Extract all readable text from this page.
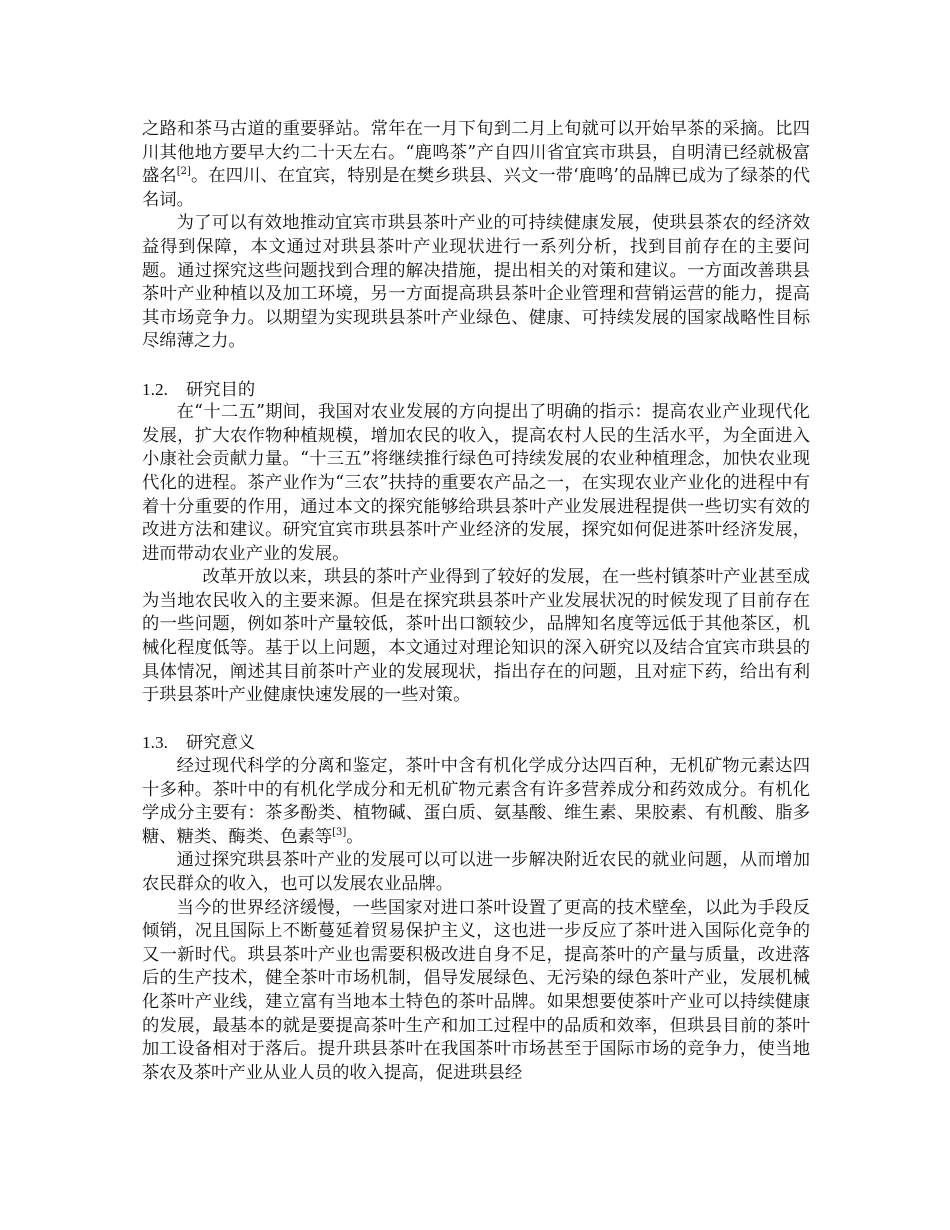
之路和茶马古道的重要驿站。常年在一月下旬到二月上旬就可以开始早茶的采摘。比四川其他地方要早大约二十天左右。“鹿鸣茶”产自四川省宜宾市珙县，自明清已经就极富盛名[2]。在四川、在宜宾，特别是在樊乡珙县、兴文一带‘鹿鸣’的品牌已成为了绿茶的代名词。

为了可以有效地推动宜宾市珙县茶叶产业的可持续健康发展，使珙县茶农的经济效益得到保障，本文通过对珙县茶叶产业现状进行一系列分析，找到目前存在的主要问题。通过探究这些问题找到合理的解决措施，提出相关的对策和建议。一方面改善珙县茶叶产业种植以及加工环境，另一方面提高珙县茶叶企业管理和营销运营的能力，提高其市场竞争力。以期望为实现珙县茶叶产业绿色、健康、可持续发展的国家战略性目标尽绵薄之力。

1.2. 研究目的

在“十二五”期间，我国对农业发展的方向提出了明确的指示：提高农业产业现代化发展，扩大农作物种植规模，增加农民的收入，提高农村人民的生活水平，为全面进入小康社会贡献力量。“十三五”将继续推行绿色可持续发展的农业种植理念，加快农业现代化的进程。茶产业作为“三农”扶持的重要农产品之一，在实现农业产业化的进程中有着十分重要的作用，通过本文的探究能够给珙县茶叶产业发展进程提供一些切实有效的改进方法和建议。研究宜宾市珙县茶叶产业经济的发展，探究如何促进茶叶经济发展，进而带动农业产业的发展。

改革开放以来，珙县的茶叶产业得到了较好的发展，在一些村镇茶叶产业甚至成为当地农民收入的主要来源。但是在探究珙县茶叶产业发展状况的时候发现了目前存在的一些问题，例如茶叶产量较低，茶叶出口额较少，品牌知名度等远低于其他茶区，机械化程度低等。基于以上问题，本文通过对理论知识的深入研究以及结合宜宾市珙县的具体情况，阐述其目前茶叶产业的发展现状，指出存在的问题，且对症下药，给出有利于珙县茶叶产业健康快速发展的一些对策。

1.3. 研究意义

经过现代科学的分离和鉴定，茶叶中含有机化学成分达四百种，无机矿物元素达四十多种。茶叶中的有机化学成分和无机矿物元素含有许多营养成分和药效成分。有机化学成分主要有：茶多酚类、植物碱、蛋白质、氨基酸、维生素、果胶素、有机酸、脂多糖、糖类、酶类、色素等[3]。

通过探究珙县茶叶产业的发展可以可以进一步解决附近农民的就业问题，从而增加农民群众的收入，也可以发展农业品牌。

当今的世界经济缓慢，一些国家对进口茶叶设置了更高的技术壁垒，以此为手段反倾销，况且国际上不断蔓延着贸易保护主义，这也进一步反应了茶叶进入国际化竞争的又一新时代。珙县茶叶产业也需要积极改进自身不足，提高茶叶的产量与质量，改进落后的生产技术，健全茶叶市场机制，倡导发展绿色、无污染的绿色茶叶产业，发展机械化茶叶产业线，建立富有当地本土特色的茶叶品牌。如果想要使茶叶产业可以持续健康的发展，最基本的就是要提高茶叶生产和加工过程中的品质和效率，但珙县目前的茶叶加工设备相对于落后。提升珙县茶叶在我国茶叶市场甚至于国际市场的竞争力，使当地茶农及茶叶产业从业人员的收入提高，促进珙县经
